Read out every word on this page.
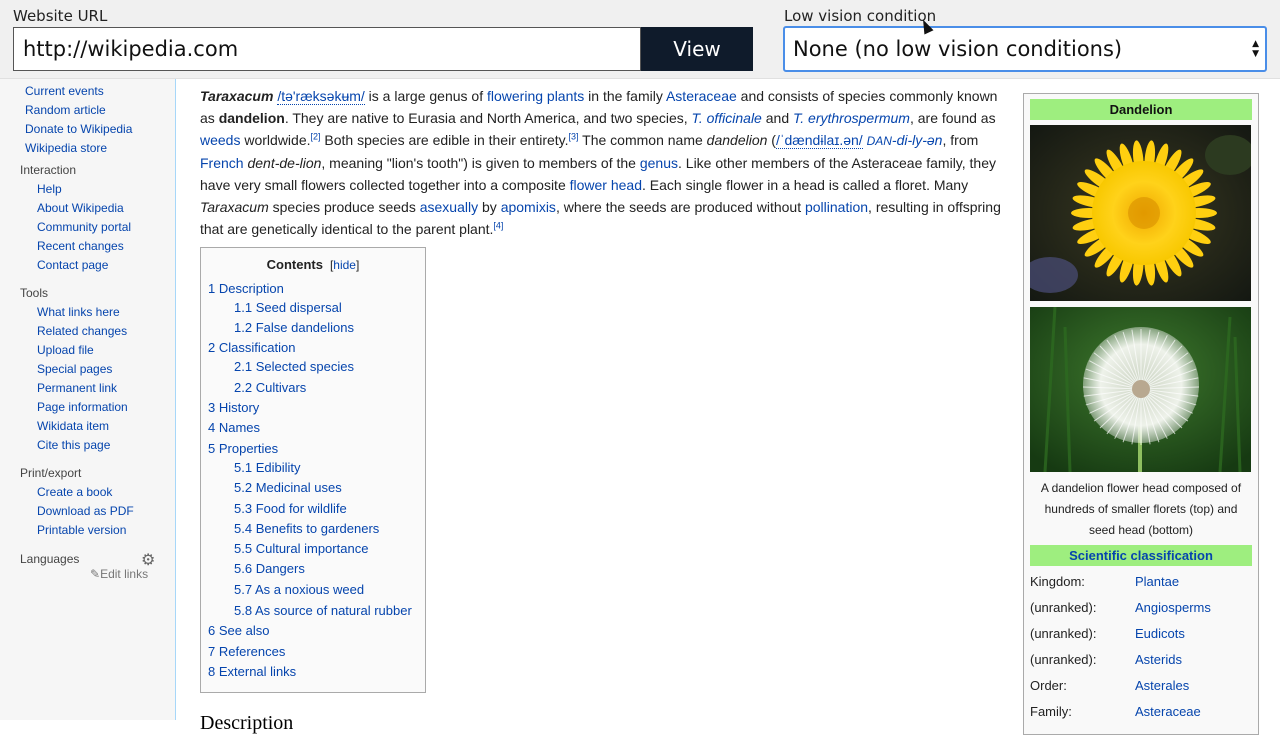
Website URL
http://wikipedia.com
View
Low vision condition
None (no low vision conditions)	▲
▼
Current events
Random article
Donate to Wikipedia
Wikipedia store
Interaction
Help
About Wikipedia
Community portal
Recent changes
Contact page
Tools
What links here
Related changes
Upload file
Special pages
Permanent link
Page information
Wikidata item
Cite this page
Print/export
Create a book
Download as PDF
Printable version
Languages	⚙
✎Edit links
Taraxacum /tə'ræksəkʉm/ is a large genus of flowering plants in the family Asteraceae and consists of species commonly known as dandelion. They are native to Eurasia and North America, and two species, T. officinale and T. erythrospermum, are found as weeds worldwide.[2] Both species are edible in their entirety.[3] The common name dandelion (/ˈdændɨlaɪ.ən/ DAN-di-ly-ən, from French dent-de-lion, meaning "lion's tooth") is given to members of the genus. Like other members of the Asteraceae family, they have very small flowers collected together into a composite flower head. Each single flower in a head is called a floret. Many Taraxacum species produce seeds asexually by apomixis, where the seeds are produced without pollination, resulting in offspring that are genetically identical to the parent plant.[4]
Contents  [hide]
1 Description
1.1 Seed dispersal
1.2 False dandelions
2 Classification
2.1 Selected species
2.2 Cultivars
3 History
4 Names
5 Properties
5.1 Edibility
5.2 Medicinal uses
5.3 Food for wildlife
5.4 Benefits to gardeners
5.5 Cultural importance
5.6 Dangers
5.7 As a noxious weed
5.8 As source of natural rubber
6 See also
7 References
8 External links
Description
Dandelion
A dandelion flower head composed of hundreds of smaller florets (top) and seed head (bottom)
Scientific classification
Kingdom:	Plantae
(unranked):	Angiosperms
(unranked):	Eudicots
(unranked):	Asterids
Order:	Asterales
Family:	Asteraceae
